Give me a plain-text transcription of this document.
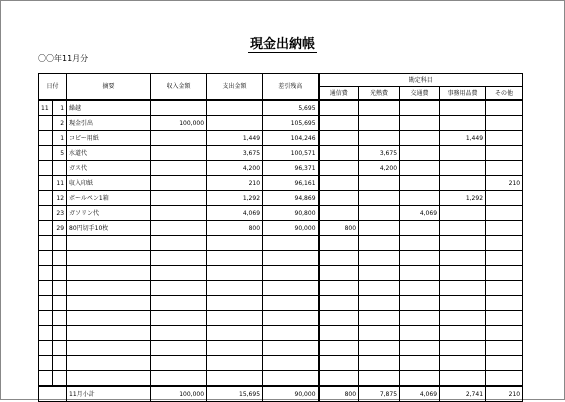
現金出納帳
〇〇年11月分
日付		摘要	収入金額	支出金額	差引残高	勘定科目				
						通信費	光熱費	交通費	事務用品費	その他
11	1	繰越			5,695					
	2	現金引出	100,000		105,695					
	1	コピー用紙		1,449	104,246				1,449	
	5	水道代		3,675	100,571		3,675			
		ガス代		4,200	96,371		4,200			
	11	収入印紙		210	96,161					210
	12	ボールペン1箱		1,292	94,869				1,292	
	23	ガソリン代		4,069	90,800			4,069		
	29	80円切手10枚		800	90,000	800				

		11月小計	100,000	15,695	90,000	800	7,875	4,069	2,741	210
